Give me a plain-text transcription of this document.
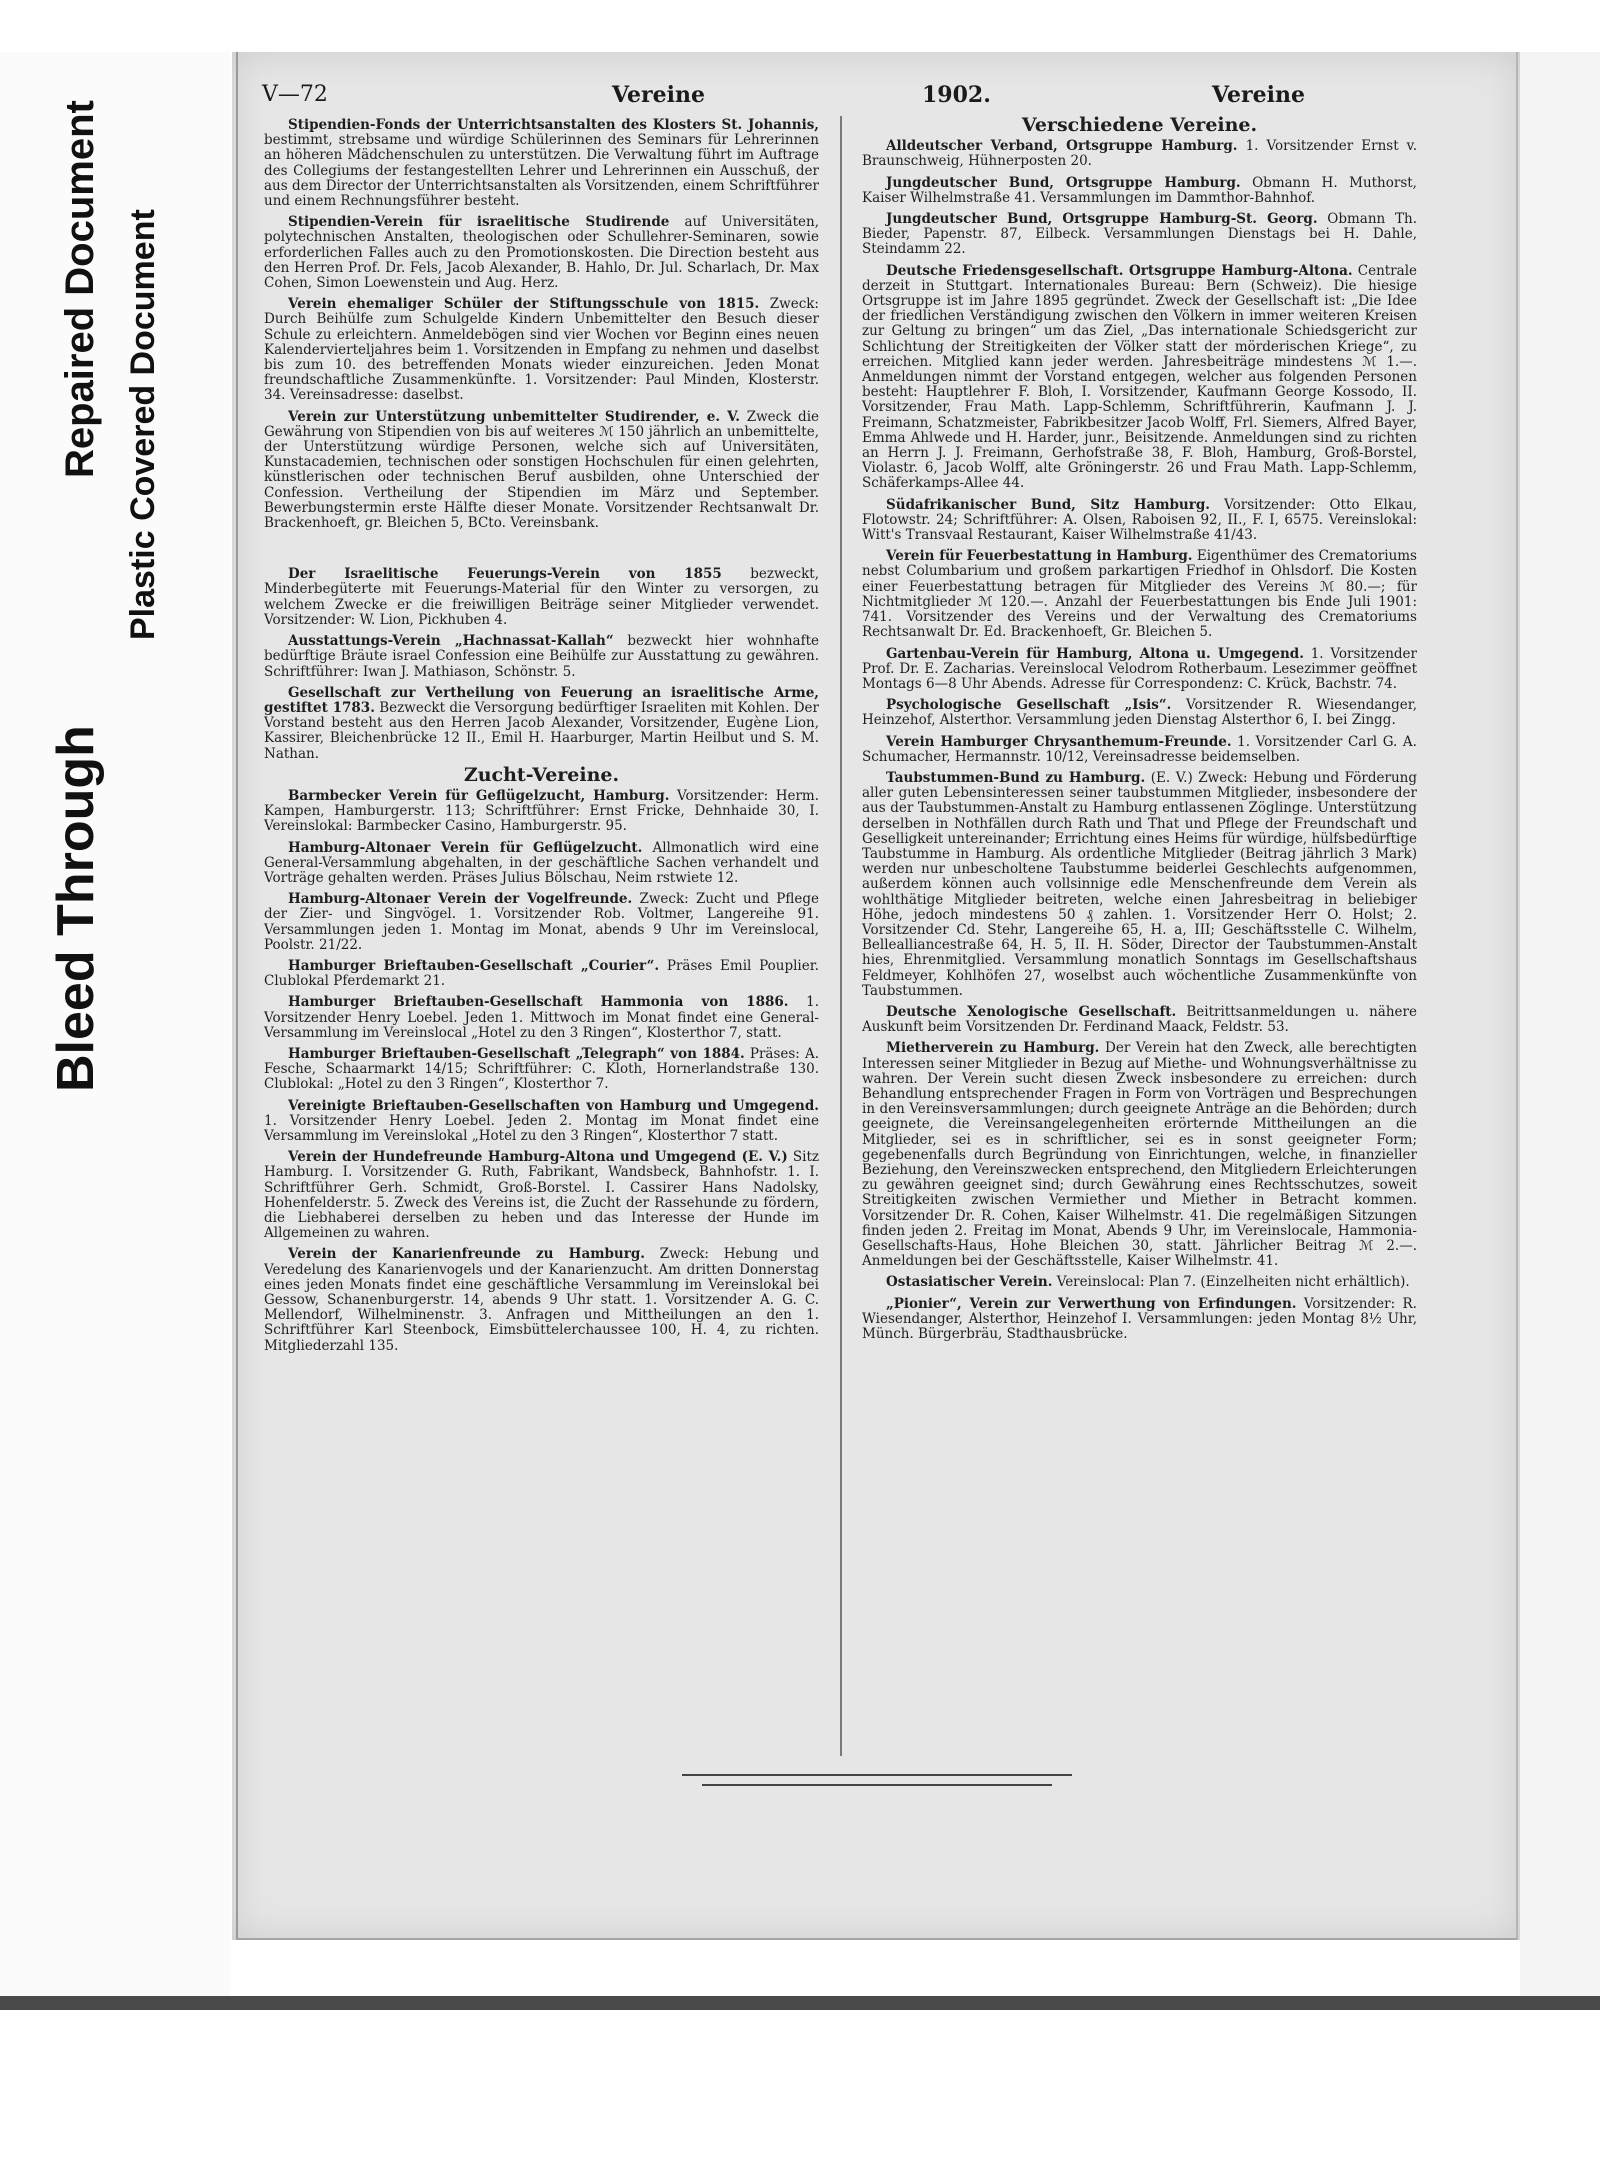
Bleed Through
Repaired Document Plastic Covered Document
V—72	Vereine	1902.	Vereine
Stipendien-Fonds der Unterrichtsanstalten des Klosters St. Johannis, bestimmt, strebsame und würdige Schülerinnen des Seminars für Lehrerinnen an höheren Mädchenschulen zu unterstützen. Die Verwaltung führt im Auftrage des Collegiums der festangestellten Lehrer und Lehrerinnen ein Ausschuß, der aus dem Director der Unterrichtsanstalten als Vorsitzenden, einem Schriftführer und einem Rechnungsführer besteht.
Stipendien-Verein für israelitische Studirende auf Universitäten, polytechnischen Anstalten, theologischen oder Schullehrer-Seminaren, sowie erforderlichen Falles auch zu den Promotionskosten. Die Direction besteht aus den Herren Prof. Dr. Fels, Jacob Alexander, B. Hahlo, Dr. Jul. Scharlach, Dr. Max Cohen, Simon Loewenstein und Aug. Herz.
Verein ehemaliger Schüler der Stiftungsschule von 1815. Zweck: Durch Beihülfe zum Schulgelde Kindern Unbemittelter den Besuch dieser Schule zu erleichtern. Anmeldebögen sind vier Wochen vor Beginn eines neuen Kalendervierteljahres beim 1. Vorsitzenden in Empfang zu nehmen und daselbst bis zum 10. des betreffenden Monats wieder einzureichen. Jeden Monat freundschaftliche Zusammenkünfte. 1. Vorsitzender: Paul Minden, Klosterstr. 34. Vereinsadresse: daselbst.
Verein zur Unterstützung unbemittelter Studirender, e. V. Zweck die Gewährung von Stipendien von bis auf weiteres ℳ 150 jährlich an unbemittelte, der Unterstützung würdige Personen, welche sich auf Universitäten, Kunstacademien, technischen oder sonstigen Hochschulen für einen gelehrten, künstlerischen oder technischen Beruf ausbilden, ohne Unterschied der Confession. Vertheilung der Stipendien im März und September. Bewerbungstermin erste Hälfte dieser Monate. Vorsitzender Rechtsanwalt Dr. Brackenhoeft, gr. Bleichen 5, BCto. Vereinsbank.
Der Israelitische Feuerungs-Verein von 1855 bezweckt, Minderbegüterte mit Feuerungs-Material für den Winter zu versorgen, zu welchem Zwecke er die freiwilligen Beiträge seiner Mitglieder verwendet. Vorsitzender: W. Lion, Pickhuben 4.
Ausstattungs-Verein „Hachnassat-Kallah“ bezweckt hier wohnhafte bedürftige Bräute israel Confession eine Beihülfe zur Ausstattung zu gewähren. Schriftführer: Iwan J. Mathiason, Schönstr. 5.
Gesellschaft zur Vertheilung von Feuerung an israelitische Arme, gestiftet 1783. Bezweckt die Versorgung bedürftiger Israeliten mit Kohlen. Der Vorstand besteht aus den Herren Jacob Alexander, Vorsitzender, Eugène Lion, Kassirer, Bleichenbrücke 12 II., Emil H. Haarburger, Martin Heilbut und S. M. Nathan.
Zucht-Vereine.
Barmbecker Verein für Geflügelzucht, Hamburg. Vorsitzender: Herm. Kampen, Hamburgerstr. 113; Schriftführer: Ernst Fricke, Dehnhaide 30, I. Vereinslokal: Barmbecker Casino, Hamburgerstr. 95.
Hamburg-Altonaer Verein für Geflügelzucht. Allmonatlich wird eine General-Versammlung abgehalten, in der geschäftliche Sachen verhandelt und Vorträge gehalten werden. Präses Julius Bölschau, Neim rstwiete 12.
Hamburg-Altonaer Verein der Vogelfreunde. Zweck: Zucht und Pflege der Zier- und Singvögel. 1. Vorsitzender Rob. Voltmer, Langereihe 91. Versammlungen jeden 1. Montag im Monat, abends 9 Uhr im Vereinslocal, Poolstr. 21/22.
Hamburger Brieftauben-Gesellschaft „Courier“. Präses Emil Pouplier. Clublokal Pferdemarkt 21.
Hamburger Brieftauben-Gesellschaft Hammonia von 1886. 1. Vorsitzender Henry Loebel. Jeden 1. Mittwoch im Monat findet eine General-Versammlung im Vereinslocal „Hotel zu den 3 Ringen“, Klosterthor 7, statt.
Hamburger Brieftauben-Gesellschaft „Telegraph“ von 1884. Präses: A. Fesche, Schaarmarkt 14/15; Schriftführer: C. Kloth, Hornerlandstraße 130. Clublokal: „Hotel zu den 3 Ringen“, Klosterthor 7.
Vereinigte Brieftauben-Gesellschaften von Hamburg und Umgegend. 1. Vorsitzender Henry Loebel. Jeden 2. Montag im Monat findet eine Versammlung im Vereinslokal „Hotel zu den 3 Ringen“, Klosterthor 7 statt.
Verein der Hundefreunde Hamburg-Altona und Umgegend (E. V.) Sitz Hamburg. I. Vorsitzender G. Ruth, Fabrikant, Wandsbeck, Bahnhofstr. 1. I. Schriftführer Gerh. Schmidt, Groß-Borstel. I. Cassirer Hans Nadolsky, Hohenfelderstr. 5. Zweck des Vereins ist, die Zucht der Rassehunde zu fördern, die Liebhaberei derselben zu heben und das Interesse der Hunde im Allgemeinen zu wahren.
Verein der Kanarienfreunde zu Hamburg. Zweck: Hebung und Veredelung des Kanarienvogels und der Kanarienzucht. Am dritten Donnerstag eines jeden Monats findet eine geschäftliche Versammlung im Vereinslokal bei Gessow, Schanenburgerstr. 14, abends 9 Uhr statt. 1. Vorsitzender A. G. C. Mellendorf, Wilhelminenstr. 3. Anfragen und Mittheilungen an den 1. Schriftführer Karl Steenbock, Eimsbüttelerchaussee 100, H. 4, zu richten. Mitgliederzahl 135.
Verschiedene Vereine.
Alldeutscher Verband, Ortsgruppe Hamburg. 1. Vorsitzender Ernst v. Braunschweig, Hühnerposten 20.
Jungdeutscher Bund, Ortsgruppe Hamburg. Obmann H. Muthorst, Kaiser Wilhelmstraße 41. Versammlungen im Dammthor-Bahnhof.
Jungdeutscher Bund, Ortsgruppe Hamburg-St. Georg. Obmann Th. Bieder, Papenstr. 87, Eilbeck. Versammlungen Dienstags bei H. Dahle, Steindamm 22.
Deutsche Friedensgesellschaft. Ortsgruppe Hamburg-Altona. Centrale derzeit in Stuttgart. Internationales Bureau: Bern (Schweiz). Die hiesige Ortsgruppe ist im Jahre 1895 gegründet. Zweck der Gesellschaft ist: „Die Idee der friedlichen Verständigung zwischen den Völkern in immer weiteren Kreisen zur Geltung zu bringen“ um das Ziel, „Das internationale Schiedsgericht zur Schlichtung der Streitigkeiten der Völker statt der mörderischen Kriege“, zu erreichen. Mitglied kann jeder werden. Jahresbeiträge mindestens ℳ 1.—. Anmeldungen nimmt der Vorstand entgegen, welcher aus folgenden Personen besteht: Hauptlehrer F. Bloh, I. Vorsitzender, Kaufmann George Kossodo, II. Vorsitzender, Frau Math. Lapp-Schlemm, Schriftführerin, Kaufmann J. J. Freimann, Schatzmeister, Fabrikbesitzer Jacob Wolff, Frl. Siemers, Alfred Bayer, Emma Ahlwede und H. Harder, junr., Beisitzende. Anmeldungen sind zu richten an Herrn J. J. Freimann, Gerhofstraße 38, F. Bloh, Hamburg, Groß-Borstel, Violastr. 6, Jacob Wolff, alte Gröningerstr. 26 und Frau Math. Lapp-Schlemm, Schäferkamps-Allee 44.
Südafrikanischer Bund, Sitz Hamburg. Vorsitzender: Otto Elkau, Flotowstr. 24; Schriftführer: A. Olsen, Raboisen 92, II., F. I, 6575. Vereinslokal: Witt's Transvaal Restaurant, Kaiser Wilhelmstraße 41/43.
Verein für Feuerbestattung in Hamburg. Eigenthümer des Crematoriums nebst Columbarium und großem parkartigen Friedhof in Ohlsdorf. Die Kosten einer Feuerbestattung betragen für Mitglieder des Vereins ℳ 80.—; für Nichtmitglieder ℳ 120.—. Anzahl der Feuerbestattungen bis Ende Juli 1901: 741. Vorsitzender des Vereins und der Verwaltung des Crematoriums Rechtsanwalt Dr. Ed. Brackenhoeft, Gr. Bleichen 5.
Gartenbau-Verein für Hamburg, Altona u. Umgegend. 1. Vorsitzender Prof. Dr. E. Zacharias. Vereinslocal Velodrom Rotherbaum. Lesezimmer geöffnet Montags 6—8 Uhr Abends. Adresse für Correspondenz: C. Krück, Bachstr. 74.
Psychologische Gesellschaft „Isis“. Vorsitzender R. Wiesendanger, Heinzehof, Alsterthor. Versammlung jeden Dienstag Alsterthor 6, I. bei Zingg.
Verein Hamburger Chrysanthemum-Freunde. 1. Vorsitzender Carl G. A. Schumacher, Hermannstr. 10/12, Vereinsadresse beidemselben.
Taubstummen-Bund zu Hamburg. (E. V.) Zweck: Hebung und Förderung aller guten Lebensinteressen seiner taubstummen Mitglieder, insbesondere der aus der Taubstummen-Anstalt zu Hamburg entlassenen Zöglinge. Unterstützung derselben in Nothfällen durch Rath und That und Pflege der Freundschaft und Geselligkeit untereinander; Errichtung eines Heims für würdige, hülfsbedürftige Taubstumme in Hamburg. Als ordentliche Mitglieder (Beitrag jährlich 3 Mark) werden nur unbescholtene Taubstumme beiderlei Geschlechts aufgenommen, außerdem können auch vollsinnige edle Menschenfreunde dem Verein als wohlthätige Mitglieder beitreten, welche einen Jahresbeitrag in beliebiger Höhe, jedoch mindestens 50 ₰ zahlen. 1. Vorsitzender Herr O. Holst; 2. Vorsitzender Cd. Stehr, Langereihe 65, H. a, III; Geschäftsstelle C. Wilhelm, Bellealliancestraße 64, H. 5, II. H. Söder, Director der Taubstummen-Anstalt hies, Ehrenmitglied. Versammlung monatlich Sonntags im Gesellschaftshaus Feldmeyer, Kohlhöfen 27, woselbst auch wöchentliche Zusammenkünfte von Taubstummen.
Deutsche Xenologische Gesellschaft. Beitrittsanmeldungen u. nähere Auskunft beim Vorsitzenden Dr. Ferdinand Maack, Feldstr. 53.
Mietherverein zu Hamburg. Der Verein hat den Zweck, alle berechtigten Interessen seiner Mitglieder in Bezug auf Miethe- und Wohnungsverhältnisse zu wahren. Der Verein sucht diesen Zweck insbesondere zu erreichen: durch Behandlung entsprechender Fragen in Form von Vorträgen und Besprechungen in den Vereinsversammlungen; durch geeignete Anträge an die Behörden; durch geeignete, die Vereinsangelegenheiten erörternde Mittheilungen an die Mitglieder, sei es in schriftlicher, sei es in sonst geeigneter Form; gegebenenfalls durch Begründung von Einrichtungen, welche, in finanzieller Beziehung, den Vereinszwecken entsprechend, den Mitgliedern Erleichterungen zu gewähren geeignet sind; durch Gewährung eines Rechtsschutzes, soweit Streitigkeiten zwischen Vermiether und Miether in Betracht kommen. Vorsitzender Dr. R. Cohen, Kaiser Wilhelmstr. 41. Die regelmäßigen Sitzungen finden jeden 2. Freitag im Monat, Abends 9 Uhr, im Vereinslocale, Hammonia-Gesellschafts-Haus, Hohe Bleichen 30, statt. Jährlicher Beitrag ℳ 2.—. Anmeldungen bei der Geschäftsstelle, Kaiser Wilhelmstr. 41.
Ostasiatischer Verein. Vereinslocal: Plan 7. (Einzelheiten nicht erhältlich).
„Pionier“, Verein zur Verwerthung von Erfindungen. Vorsitzender: R. Wiesendanger, Alsterthor, Heinzehof I. Versammlungen: jeden Montag 8½ Uhr, Münch. Bürgerbräu, Stadthausbrücke.
